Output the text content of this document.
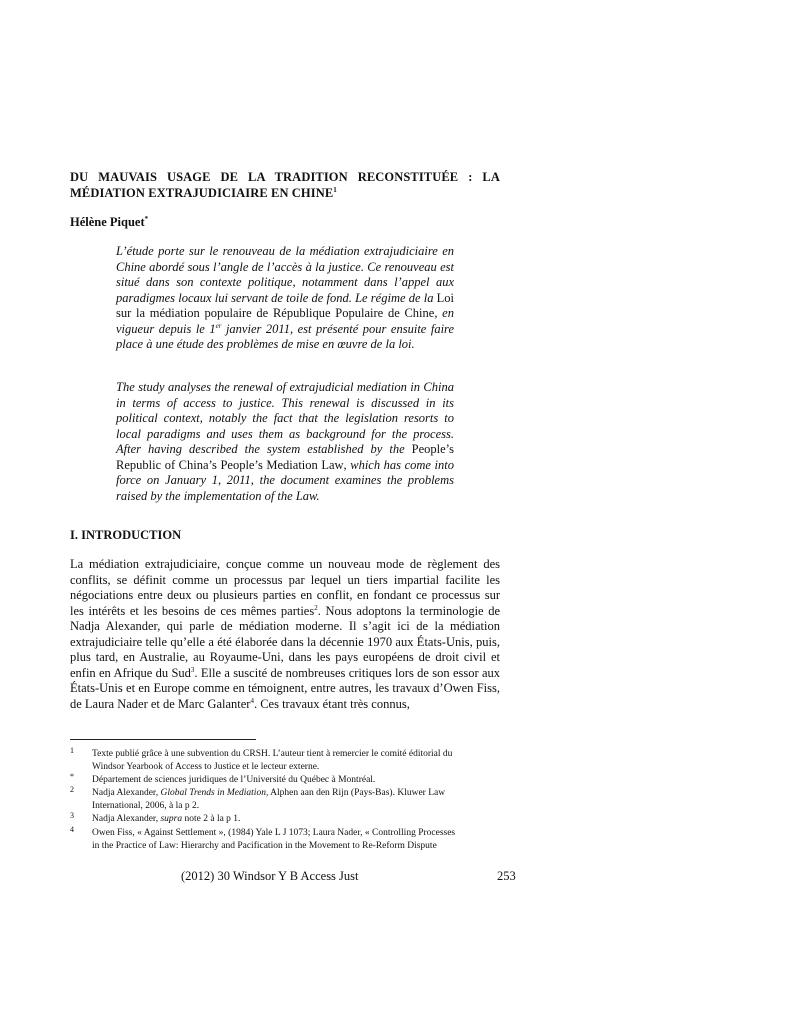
DU MAUVAIS USAGE DE LA TRADITION RECONSTITUÉE : LA MÉDIATION EXTRAJUDICIAIRE EN CHINE$^1$
Hélène Piquet*
L’étude porte sur le renouveau de la médiation extrajudiciaire en Chine abordé sous l’angle de l’accès à la justice. Ce renouveau est situé dans son contexte politique, notamment dans l’appel aux paradigmes locaux lui servant de toile de fond. Le régime de la Loi sur la médiation populaire de République Populaire de Chine, en vigueur depuis le 1er janvier 2011, est présenté pour ensuite faire place à une étude des problèmes de mise en œuvre de la loi.
The study analyses the renewal of extrajudicial mediation in China in terms of access to justice. This renewal is discussed in its political context, notably the fact that the legislation resorts to local paradigms and uses them as background for the process. After having described the system established by the People’s Republic of China’s People’s Mediation Law, which has come into force on January 1, 2011, the document examines the problems raised by the implementation of the Law.
I. INTRODUCTION

La médiation extrajudiciaire, conçue comme un nouveau mode de règlement des conflits, se définit comme un processus par lequel un tiers impartial facilite les négociations entre deux ou plusieurs parties en conflit, en fondant ce processus sur les intérêts et les besoins de ces mêmes parties$^2$. Nous adoptons la terminologie de Nadja Alexander, qui parle de médiation moderne. Il s’agit ici de la médiation extrajudiciaire telle qu’elle a été élaborée dans la décennie 1970 aux États-Unis, puis, plus tard, en Australie, au Royaume-Uni, dans les pays européens de droit civil et enfin en Afrique du Sud$^3$. Elle a suscité de nombreuses critiques lors de son essor aux États-Unis et en Europe comme en témoignent, entre autres, les travaux d’Owen Fiss, de Laura Nader et de Marc Galanter$^4$. Ces travaux étant très connus,

1 Texte publié grâce à une subvention du CRSH. L’auteur tient à remercier le comité éditorial du
Windsor Yearbook of Access to Justice et le lecteur externe.
* Département de sciences juridiques de l’Université du Québec à Montréal.
2 Nadja Alexander, Global Trends in Mediation, Alphen aan den Rijn (Pays-Bas). Kluwer Law
International, 2006, à la p 2.
3 Nadja Alexander, supra note 2 à la p 1.
4 Owen Fiss, « Against Settlement », (1984) Yale L J 1073; Laura Nader, « Controlling Processes
in the Practice of Law: Hierarchy and Pacification in the Movement to Re-Reform Dispute
(2012) 30 Windsor Y B Access Just	253
